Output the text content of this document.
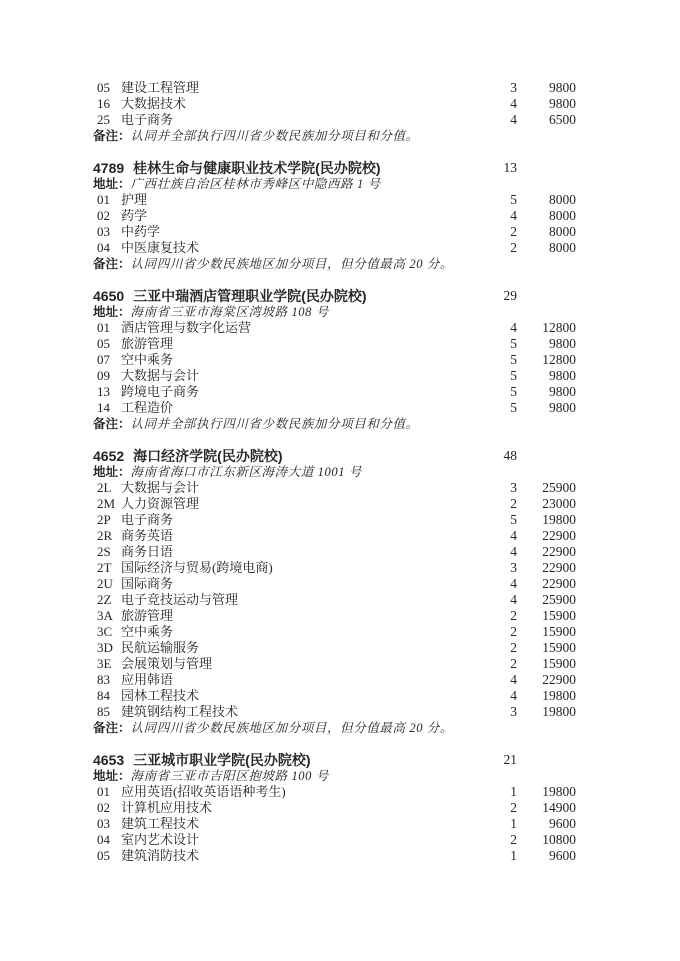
05 建设工程管理	3	9800
16 大数据技术	4	9800
25 电子商务	4	6500
备注：认同并全部执行四川省少数民族加分项目和分值。
4789 桂林生命与健康职业技术学院(民办院校)	13
地址：广西壮族自治区桂林市秀峰区中隐西路 1 号
01 护理	5	8000
02 药学	4	8000
03 中药学	2	8000
04 中医康复技术	2	8000
备注：认同四川省少数民族地区加分项目，但分值最高 20 分。
4650 三亚中瑞酒店管理职业学院(民办院校)	29
地址：海南省三亚市海棠区湾坡路 108 号
01 酒店管理与数字化运营	4	12800
05 旅游管理	5	9800
07 空中乘务	5	12800
09 大数据与会计	5	9800
13 跨境电子商务	5	9800
14 工程造价	5	9800
备注：认同并全部执行四川省少数民族加分项目和分值。
4652 海口经济学院(民办院校)	48
地址：海南省海口市江东新区海涛大道 1001 号
2L 大数据与会计	3	25900
2M 人力资源管理	2	23000
2P 电子商务	5	19800
2R 商务英语	4	22900
2S 商务日语	4	22900
2T 国际经济与贸易(跨境电商)	3	22900
2U 国际商务	4	22900
2Z 电子竞技运动与管理	4	25900
3A 旅游管理	2	15900
3C 空中乘务	2	15900
3D 民航运输服务	2	15900
3E 会展策划与管理	2	15900
83 应用韩语	4	22900
84 园林工程技术	4	19800
85 建筑钢结构工程技术	3	19800
备注：认同四川省少数民族地区加分项目，但分值最高 20 分。
4653 三亚城市职业学院(民办院校)	21
地址：海南省三亚市吉阳区抱坡路 100 号
01 应用英语(招收英语语种考生)	1	19800
02 计算机应用技术	2	14900
03 建筑工程技术	1	9600
04 室内艺术设计	2	10800
05 建筑消防技术	1	9600
